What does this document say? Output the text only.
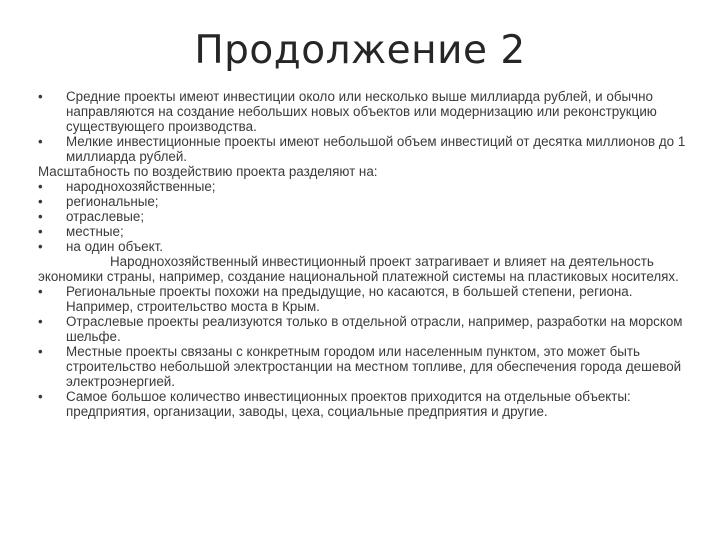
Продолжение 2
• Средние проекты имеют инвестиции около или несколько выше миллиарда рублей, и обычно направляются на создание небольших новых объектов или модернизацию или реконструкцию существующего производства.
• Мелкие инвестиционные проекты имеют небольшой объем инвестиций от десятка миллионов до 1 миллиарда рублей.
Масштабность по воздействию проекта разделяют на:
• народнохозяйственные;
• региональные;
• отраслевые;
• местные;
• на один объект.
Народнохозяйственный инвестиционный проект затрагивает и влияет на деятельность экономики страны, например, создание национальной платежной системы на пластиковых носителях.
• Региональные проекты похожи на предыдущие, но касаются, в большей степени, региона. Например, строительство моста в Крым.
• Отраслевые проекты реализуются только в отдельной отрасли, например, разработки на морском шельфе.
• Местные проекты связаны с конкретным городом или населенным пунктом, это может быть строительство небольшой электростанции на местном топливе, для обеспечения города дешевой электроэнергией.
• Самое большое количество инвестиционных проектов приходится на отдельные объекты: предприятия, организации, заводы, цеха, социальные предприятия и другие.
